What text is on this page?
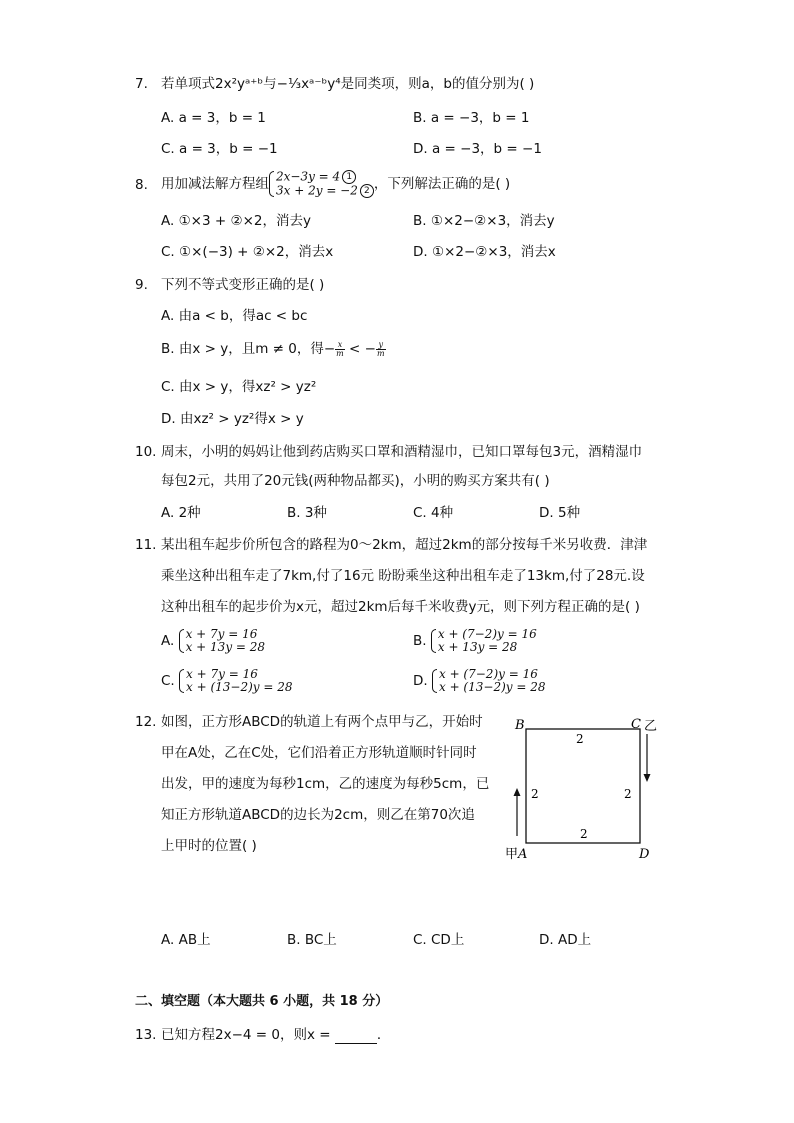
7. 若单项式2x²yᵃ⁺ᵇ与−⅓xᵃ⁻ᵇy⁴是同类项，则a，b的值分别为( )
A. a = 3，b = 1	B. a = −3，b = 1
C. a = 3，b = −1	D. a = −3，b = −1
8. 用加减法解方程组 2x−3y = 4 1
3x + 2y = −2 2 ，下列解法正确的是( )
A. ①×3 + ②×2，消去y	B. ①×2−②×3，消去y
C. ①×(−3) + ②×2，消去x	D. ①×2−②×3，消去x
9. 下列不等式变形正确的是( )
A. 由a < b，得ac < bc
B. 由x > y，且m ≠ 0，得− $\frac{x}{m}$ < − $\frac{y}{m}$
C. 由x > y，得xz² > yz²
D. 由xz² > yz²得x > y
10. 周末，小明的妈妈让他到药店购买口罩和酒精湿巾，已知口罩每包3元，酒精湿巾
每包2元，共用了20元钱(两种物品都买)，小明的购买方案共有( )
A. 2种	B. 3种	C. 4种	D. 5种
11. 某出租车起步价所包含的路程为0～2km，超过2km的部分按每千米另收费．津津
乘坐这种出租车走了7km,付了16元 盼盼乘坐这种出租车走了13km,付了28元.设
这种出租车的起步价为x元，超过2km后每千米收费y元，则下列方程正确的是( )
A. x + 7y = 16
x + 13y = 28	B. x + (7−2)y = 16
x + 13y = 28
C. x + 7y = 16
x + (13−2)y = 28	D. x + (7−2)y = 16
x + (13−2)y = 28
12. 如图，正方形ABCD的轨道上有两个点甲与乙，开始时
甲在A处，乙在C处，它们沿着正方形轨道顺时针同时
出发，甲的速度为每秒1cm，乙的速度为每秒5cm，已
知正方形轨道ABCD的边长为2cm，则乙在第70次追
上甲时的位置( )
B	C 乙
甲 A	D
2
2	2
2
A. AB上	B. BC上	C. CD上	D. AD上
二、填空题（本大题共 6 小题，共 18 分）
13. 已知方程2x−4 = 0，则x =	．
